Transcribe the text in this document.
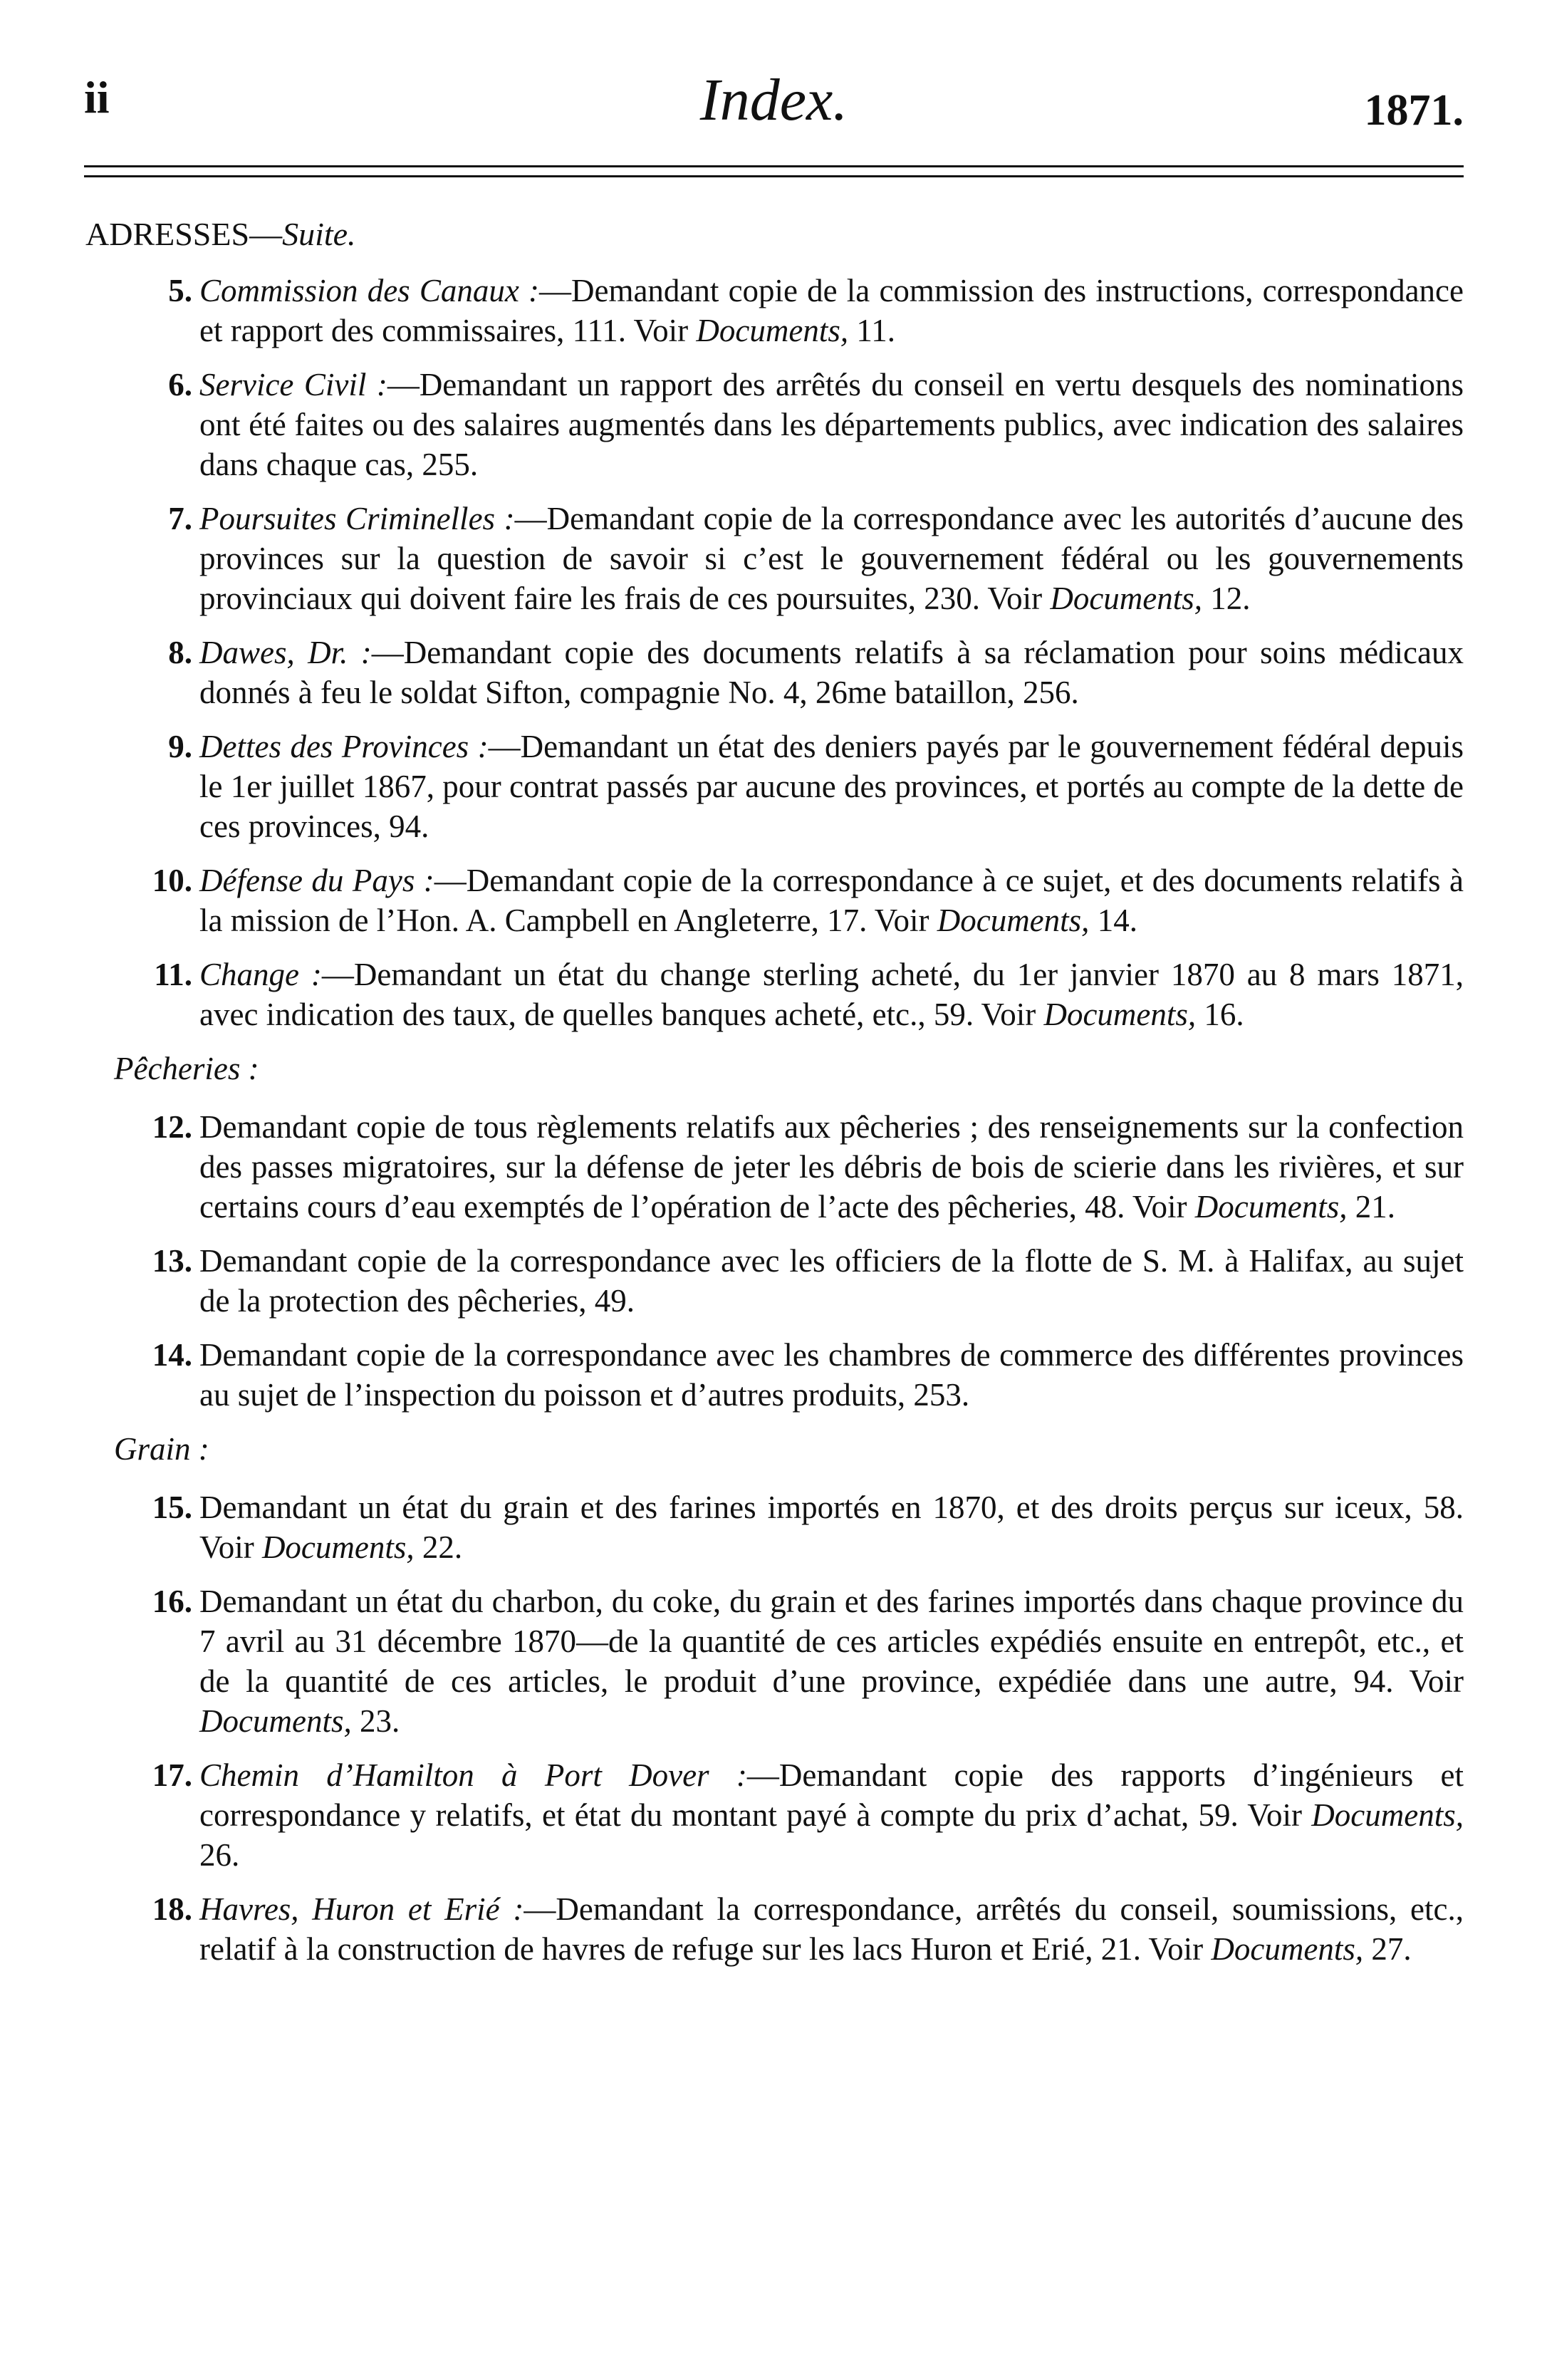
ii	Index.	1871.
ADRESSES—Suite.
5. Commission des Canaux :—Demandant copie de la commission des instructions, correspondance et rapport des commissaires, 111. Voir Documents, 11.
6. Service Civil :—Demandant un rapport des arrêtés du conseil en vertu desquels des nominations ont été faites ou des salaires augmentés dans les départements publics, avec indication des salaires dans chaque cas, 255.
7. Poursuites Criminelles :—Demandant copie de la correspondance avec les autorités d’aucune des provinces sur la question de savoir si c’est le gouvernement fédéral ou les gouvernements provinciaux qui doivent faire les frais de ces poursuites, 230. Voir Documents, 12.
8. Dawes, Dr. :—Demandant copie des documents relatifs à sa réclamation pour soins médicaux donnés à feu le soldat Sifton, compagnie No. 4, 26me bataillon, 256.
9. Dettes des Provinces :—Demandant un état des deniers payés par le gouvernement fédéral depuis le 1er juillet 1867, pour contrat passés par aucune des provinces, et portés au compte de la dette de ces provinces, 94.
10. Défense du Pays :—Demandant copie de la correspondance à ce sujet, et des documents relatifs à la mission de l’Hon. A. Campbell en Angleterre, 17. Voir Documents, 14.
11. Change :—Demandant un état du change sterling acheté, du 1er janvier 1870 au 8 mars 1871, avec indication des taux, de quelles banques acheté, etc., 59. Voir Documents, 16.
Pêcheries :
12. Demandant copie de tous règlements relatifs aux pêcheries ; des renseignements sur la confection des passes migratoires, sur la défense de jeter les débris de bois de scierie dans les rivières, et sur certains cours d’eau exemptés de l’opération de l’acte des pêcheries, 48. Voir Documents, 21.
13. Demandant copie de la correspondance avec les officiers de la flotte de S. M. à Halifax, au sujet de la protection des pêcheries, 49.
14. Demandant copie de la correspondance avec les chambres de commerce des différentes provinces au sujet de l’inspection du poisson et d’autres produits, 253.
Grain :
15. Demandant un état du grain et des farines importés en 1870, et des droits perçus sur iceux, 58. Voir Documents, 22.
16. Demandant un état du charbon, du coke, du grain et des farines importés dans chaque province du 7 avril au 31 décembre 1870—de la quantité de ces articles expédiés ensuite en entrepôt, etc., et de la quantité de ces articles, le produit d’une province, expédiée dans une autre, 94. Voir Documents, 23.
17. Chemin d’Hamilton à Port Dover :—Demandant copie des rapports d’ingénieurs et correspondance y relatifs, et état du montant payé à compte du prix d’achat, 59. Voir Documents, 26.
18. Havres, Huron et Erié :—Demandant la correspondance, arrêtés du conseil, soumissions, etc., relatif à la construction de havres de refuge sur les lacs Huron et Erié, 21. Voir Documents, 27.
